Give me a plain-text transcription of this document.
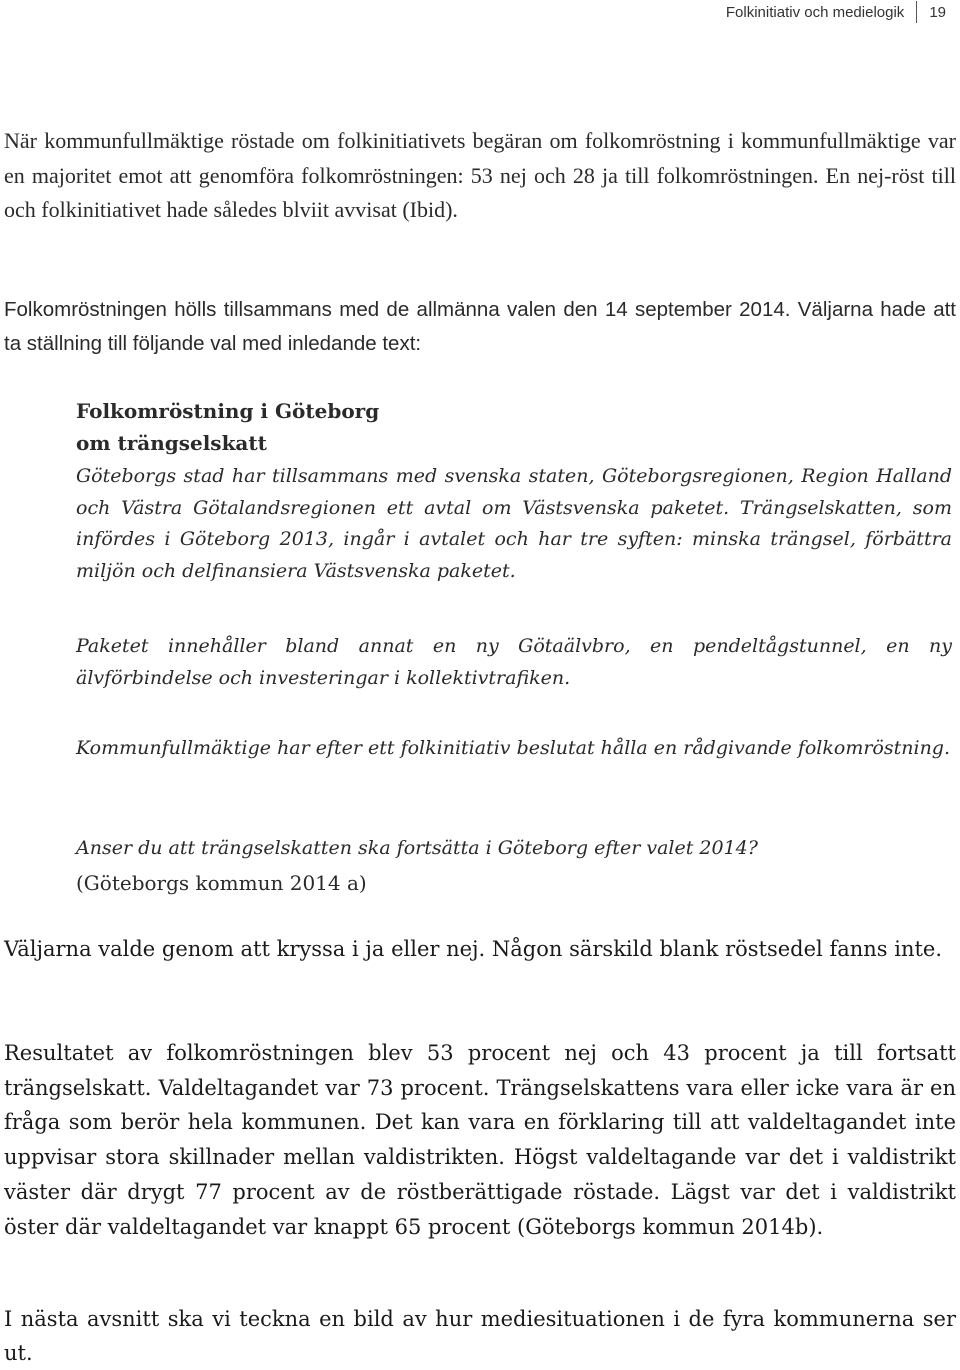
Folkinitiativ och medielogik 19

När kommunfullmäktige röstade om folkinitiativets begäran om folkomröstning i kommunfullmäktige var en majoritet emot att genomföra folkomröstningen: 53 nej och 28 ja till folkomröstningen. En nej-röst till och folkinitiativet hade således blviit avvisat (Ibid).

Folkomröstningen hölls tillsammans med de allmänna valen den 14 september 2014. Väljarna hade att ta ställning till följande val med inledande text:

Folkomröstning i Göteborg
om trängselskatt

Göteborgs stad har tillsammans med svenska staten, Göteborgsregionen, Region Halland och Västra Götalandsregionen ett avtal om Västsvenska paketet. Trängselskatten, som infördes i Göteborg 2013, ingår i avtalet och har tre syften: minska trängsel, förbättra miljön och delfinansiera Västsvenska paketet.

Paketet innehåller bland annat en ny Götaälvbro, en pendeltågstunnel, en ny älvförbindelse och investeringar i kollektivtrafiken.

Kommunfullmäktige har efter ett folkinitiativ beslutat hålla en rådgivande folkomröstning.

Anser du att trängselskatten ska fortsätta i Göteborg efter valet 2014?
(Göteborgs kommun 2014 a)

Väljarna valde genom att kryssa i ja eller nej. Någon särskild blank röstsedel fanns inte.

Resultatet av folkomröstningen blev 53 procent nej och 43 procent ja till fortsatt trängselskatt. Valdeltagandet var 73 procent. Trängselskattens vara eller icke vara är en fråga som berör hela kommunen. Det kan vara en förklaring till att valdeltagandet inte uppvisar stora skillnader mellan valdistrikten. Högst valdeltagande var det i valdistrikt väster där drygt 77 procent av de röstberättigade röstade. Lägst var det i valdistrikt öster där valdeltagandet var knappt 65 procent (Göteborgs kommun 2014b).

I nästa avsnitt ska vi teckna en bild av hur mediesituationen i de fyra kommunerna ser ut.
